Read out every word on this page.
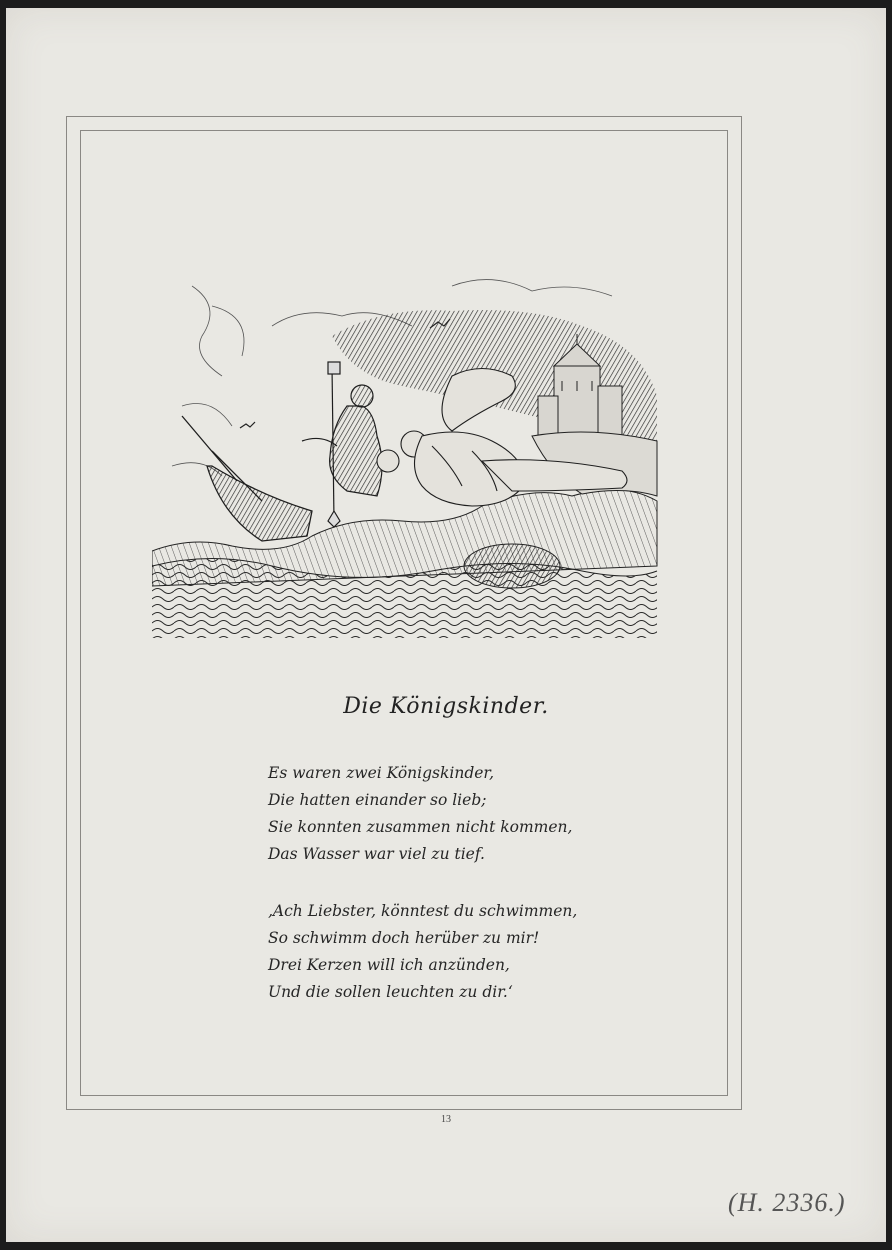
Die Königskinder.
Es waren zwei Königskinder,
Die hatten einander so lieb;
Sie konnten zusammen nicht kommen,
Das Wasser war viel zu tief.
‚Ach Liebster, könntest du schwimmen,
So schwimm doch herüber zu mir!
Drei Kerzen will ich anzünden,
Und die sollen leuchten zu dir.‘
13
(H. 2336.)
